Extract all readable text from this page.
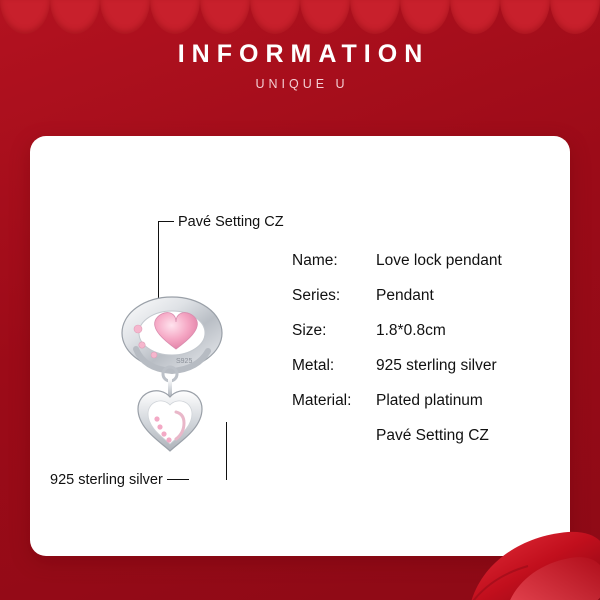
INFORMATION
UNIQUE U
Pavé Setting CZ
S925
925 sterling silver
Name:	Love lock pendant
Series:	Pendant
Size:	1.8*0.8cm
Metal:	925 sterling silver
Material:	Plated platinum
Pavé Setting CZ
